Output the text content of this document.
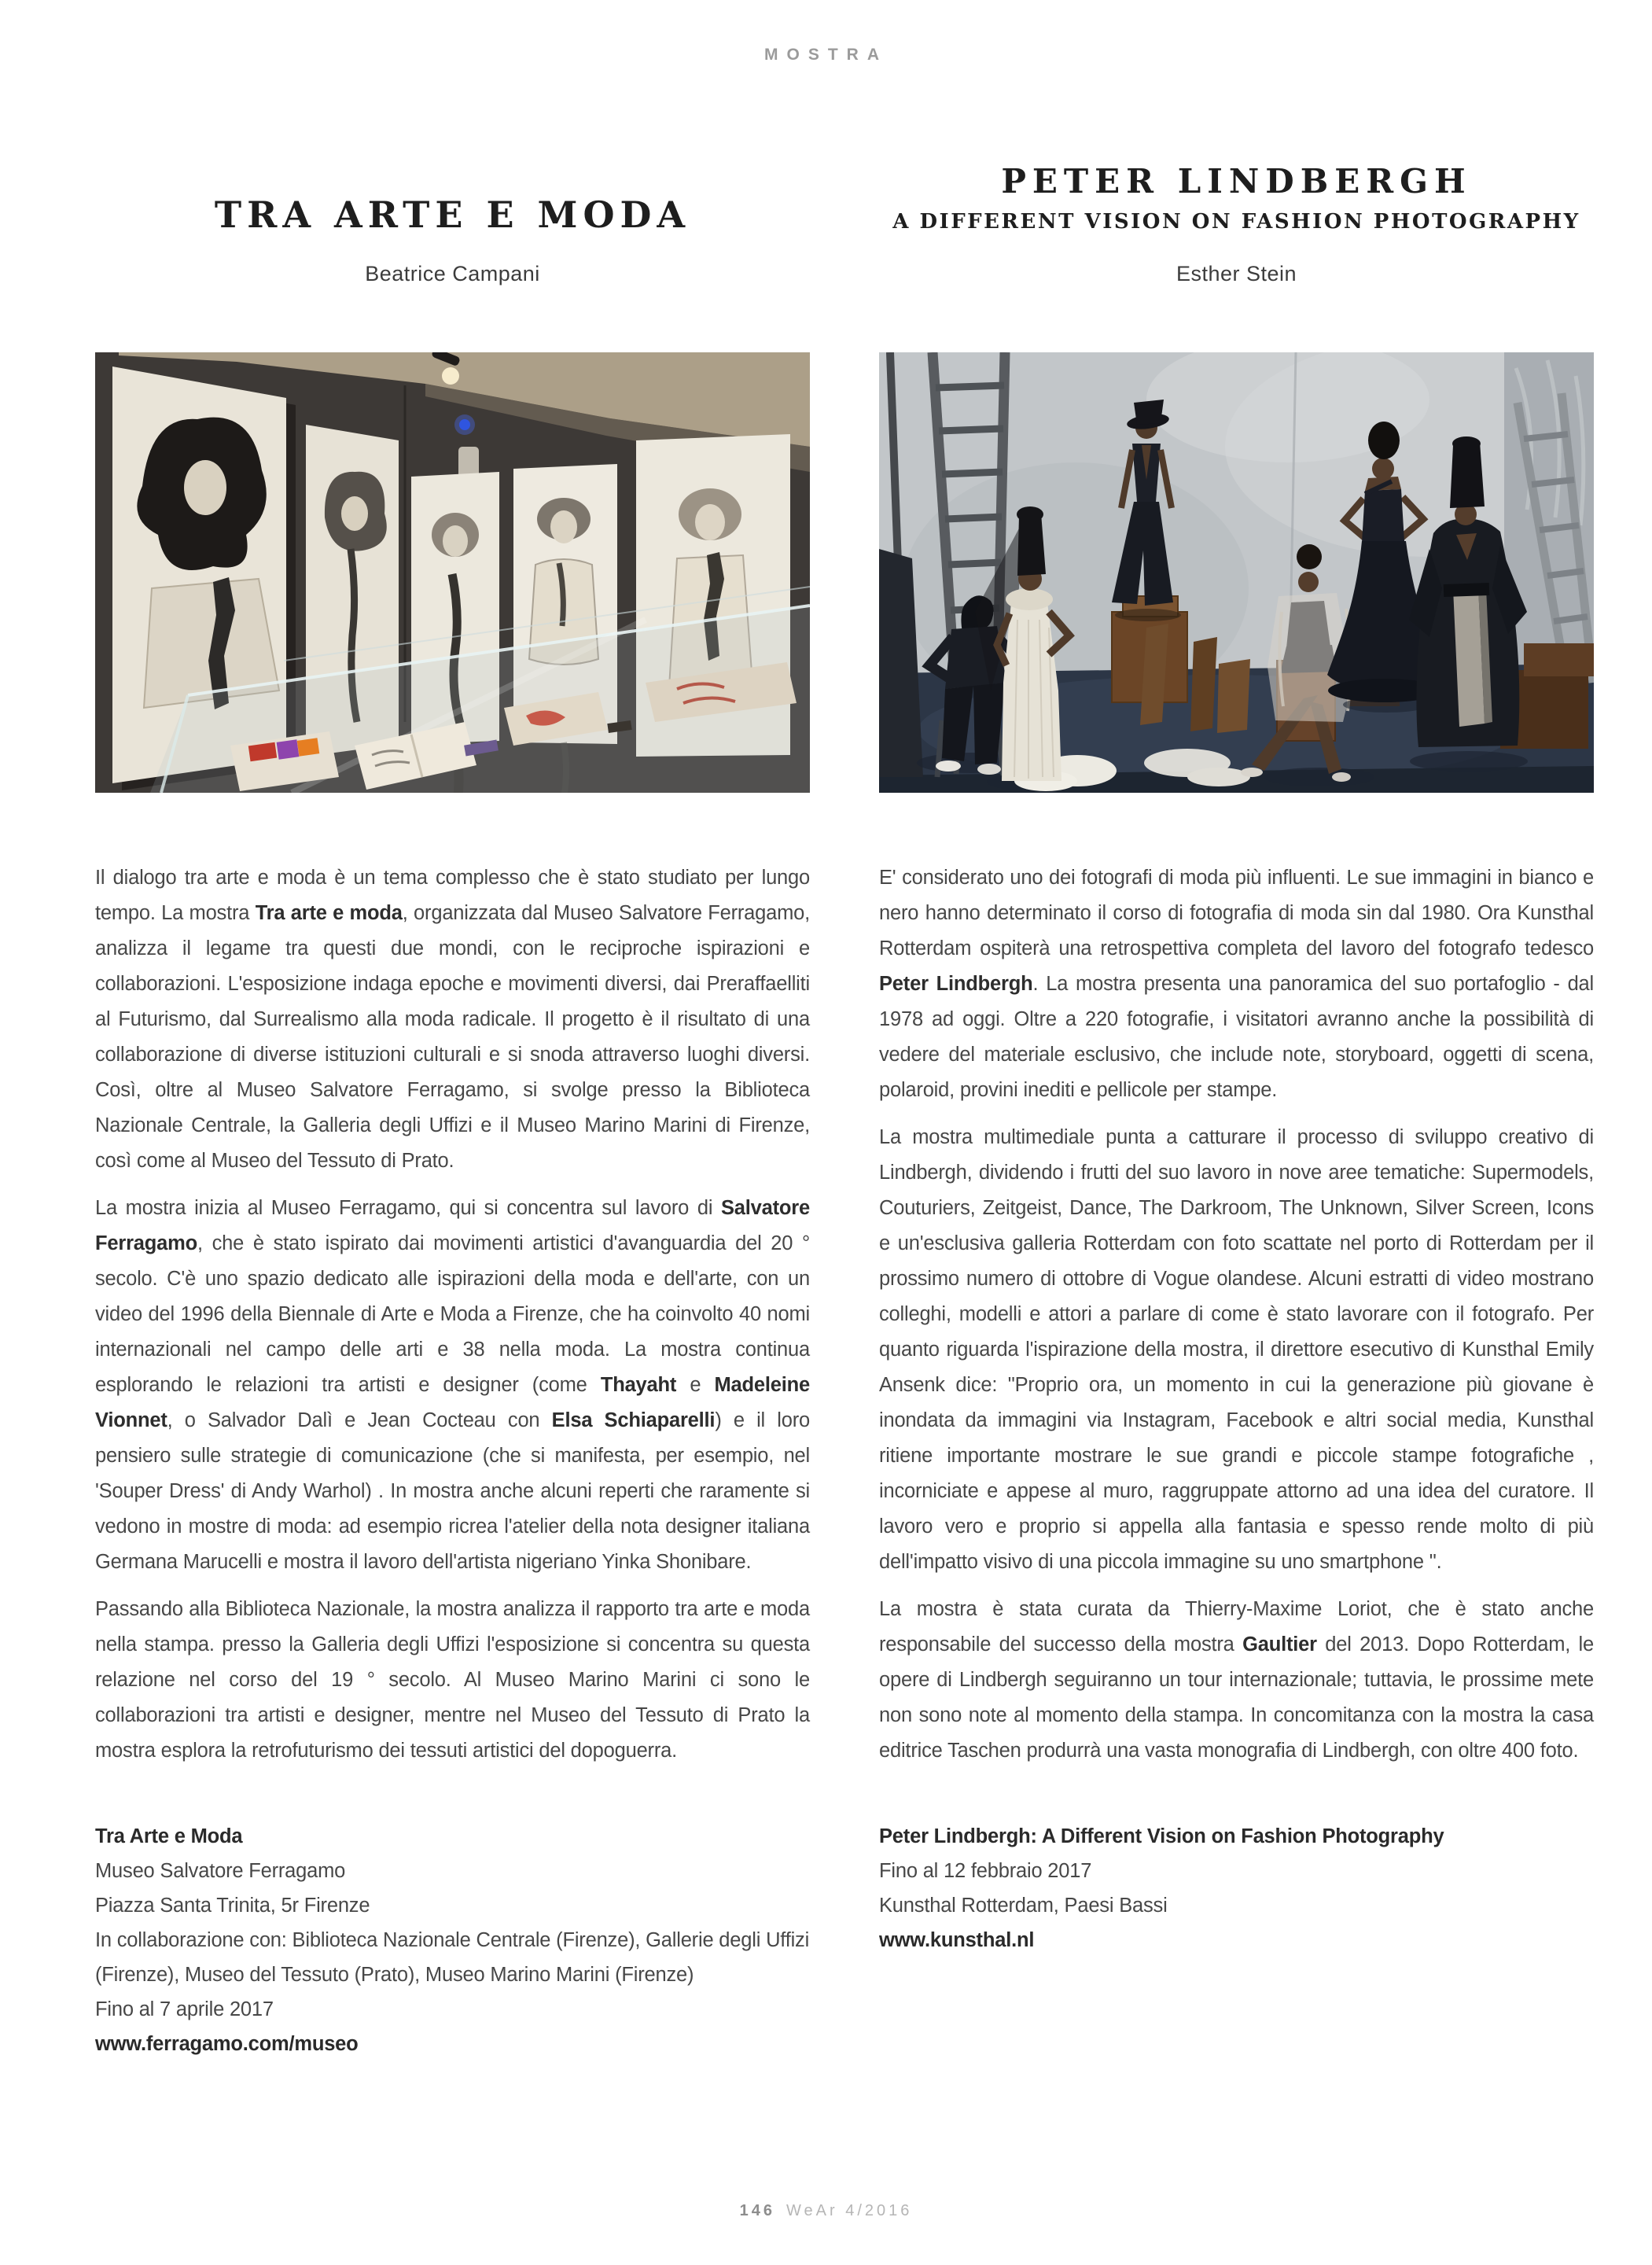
MOSTRA
TRA ARTE E MODA
Beatrice Campani

Il dialogo tra arte e moda è un tema complesso che è stato studiato per lungo tempo. La mostra Tra arte e moda, organizzata dal Museo Salvatore Ferragamo, analizza il legame tra questi due mondi, con le reciproche ispirazioni e collaborazioni. L'esposizione indaga epoche e movimenti diversi, dai Preraffaelliti al Futurismo, dal Surrealismo alla moda radicale. Il progetto è il risultato di una collaborazione di diverse istituzioni culturali e si snoda attraverso luoghi diversi. Così, oltre al Museo Salvatore Ferragamo, si svolge presso la Biblioteca Nazionale Centrale, la Galleria degli Uffizi e il Museo Marino Marini di Firenze, così come al Museo del Tessuto di Prato.

La mostra inizia al Museo Ferragamo, qui si concentra sul lavoro di Salvatore Ferragamo, che è stato ispirato dai movimenti artistici d'avanguardia del 20 ° secolo. C'è uno spazio dedicato alle ispirazioni della moda e dell'arte, con un video del 1996 della Biennale di Arte e Moda a Firenze, che ha coinvolto 40 nomi internazionali nel campo delle arti e 38 nella moda. La mostra continua esplorando le relazioni tra artisti e designer (come Thayaht e Madeleine Vionnet, o Salvador Dalì e Jean Cocteau con Elsa Schiaparelli) e il loro pensiero sulle strategie di comunicazione (che si manifesta, per esempio, nel 'Souper Dress' di Andy Warhol) . In mostra anche alcuni reperti che raramente si vedono in mostre di moda: ad esempio ricrea l'atelier della nota designer italiana Germana Marucelli e mostra il lavoro dell'artista nigeriano Yinka Shonibare.

Passando alla Biblioteca Nazionale, la mostra analizza il rapporto tra arte e moda nella stampa. presso la Galleria degli Uffizi l'esposizione si concentra su questa relazione nel corso del 19 ° secolo. Al Museo Marino Marini ci sono le collaborazioni tra artisti e designer, mentre nel Museo del Tessuto di Prato la mostra esplora la retrofuturismo dei tessuti artistici del dopoguerra.

Tra Arte e Moda
Museo Salvatore Ferragamo
Piazza Santa Trinita, 5r Firenze
In collaborazione con: Biblioteca Nazionale Centrale (Firenze), Gallerie degli Uffizi (Firenze), Museo del Tessuto (Prato), Museo Marino Marini (Firenze)
Fino al 7 aprile 2017
www.ferragamo.com/museo
PETER LINDBERGH
A DIFFERENT VISION ON FASHION PHOTOGRAPHY
Esther Stein

E' considerato uno dei fotografi di moda più influenti. Le sue immagini in bianco e nero hanno determinato il corso di fotografia di moda sin dal 1980. Ora Kunsthal Rotterdam ospiterà una retrospettiva completa del lavoro del fotografo tedesco Peter Lindbergh. La mostra presenta una panoramica del suo portafoglio - dal 1978 ad oggi. Oltre a 220 fotografie, i visitatori avranno anche la possibilità di vedere del materiale esclusivo, che include note, storyboard, oggetti di scena, polaroid, provini inediti e pellicole per stampe.

La mostra multimediale punta a catturare il processo di sviluppo creativo di Lindbergh, dividendo i frutti del suo lavoro in nove aree tematiche: Supermodels, Couturiers, Zeitgeist, Dance, The Darkroom, The Unknown, Silver Screen, Icons e un'esclusiva galleria Rotterdam con foto scattate nel porto di Rotterdam per il prossimo numero di ottobre di Vogue olandese. Alcuni estratti di video mostrano colleghi, modelli e attori a parlare di come è stato lavorare con il fotografo. Per quanto riguarda l'ispirazione della mostra, il direttore esecutivo di Kunsthal Emily Ansenk dice: "Proprio ora, un momento in cui la generazione più giovane è inondata da immagini via Instagram, Facebook e altri social media, Kunsthal ritiene importante mostrare le sue grandi e piccole stampe fotografiche , incorniciate e appese al muro, raggruppate attorno ad una idea del curatore. Il lavoro vero e proprio si appella alla fantasia e spesso rende molto di più dell'impatto visivo di una piccola immagine su uno smartphone ".

La mostra è stata curata da Thierry-Maxime Loriot, che è stato anche responsabile del successo della mostra Gaultier del 2013. Dopo Rotterdam, le opere di Lindbergh seguiranno un tour internazionale; tuttavia, le prossime mete non sono note al momento della stampa. In concomitanza con la mostra la casa editrice Taschen produrrà una vasta monografia di Lindbergh, con oltre 400 foto.

Peter Lindbergh: A Different Vision on Fashion Photography
Fino al 12 febbraio 2017
Kunsthal Rotterdam, Paesi Bassi
www.kunsthal.nl
146 WeAr 4/2016
